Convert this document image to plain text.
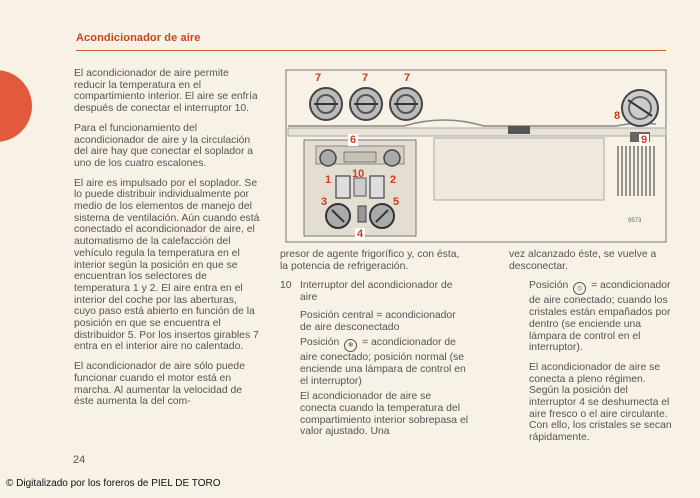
Acondicionador de aire
7	7	7
8
6	9
10
1	2
3	5
4
9573

El acondicionador de aire permite reducir la temperatura en el compartimiento interior. El aire se enfría después de conectar el interruptor 10.

Para el funcionamiento del acondicionador de aire y la circulación del aire hay que conectar el soplador a uno de los cuatro escalones.

El aire es impulsado por el soplador. Se lo puede distribuir individualmente por medio de los elementos de manejo del sistema de ventilación. Aún cuando está conectado el acondicionador de aire, el automatismo de la calefacción del vehículo regula la temperatura en el interior según la posición en que se encuentran los selectores de temperatura 1 y 2. El aire entra en el interior del coche por las aberturas, cuyo paso está abierto en función de la posición en que se encuentra el distribuidor 5. Por los insertos girables 7 entra en el interior aire no calentado.

El acondicionador de aire sólo puede funcionar cuando el motor está en marcha. Al aumentar la velocidad de éste aumenta la del com-

presor de agente frigorífico y, con ésta, la potencia de refrigeración.

10 Interruptor del acondicionador de aire

Posición central = acondicionador de aire desconectado

Posición ❄ = acondicionador de aire conectado; posición normal (se enciende una lámpara de control en el interruptor)

El acondicionador de aire se conecta cuando la temperatura del compartimiento interior sobrepasa el valor ajustado. Una

vez alcanzado éste, se vuelve a desconectar.

Posición ⦸ = acondicionador de aire conectado; cuando los cristales están empañados por dentro (se enciende una lámpara de control en el interruptor).

El acondicionador de aire se conecta a pleno régimen. Según la posición del interruptor 4 se deshumecta el aire fresco o el aire circulante. Con ello, los cristales se secan rápidamente.

24
© Digitalizado por los foreros de PIEL DE TORO
